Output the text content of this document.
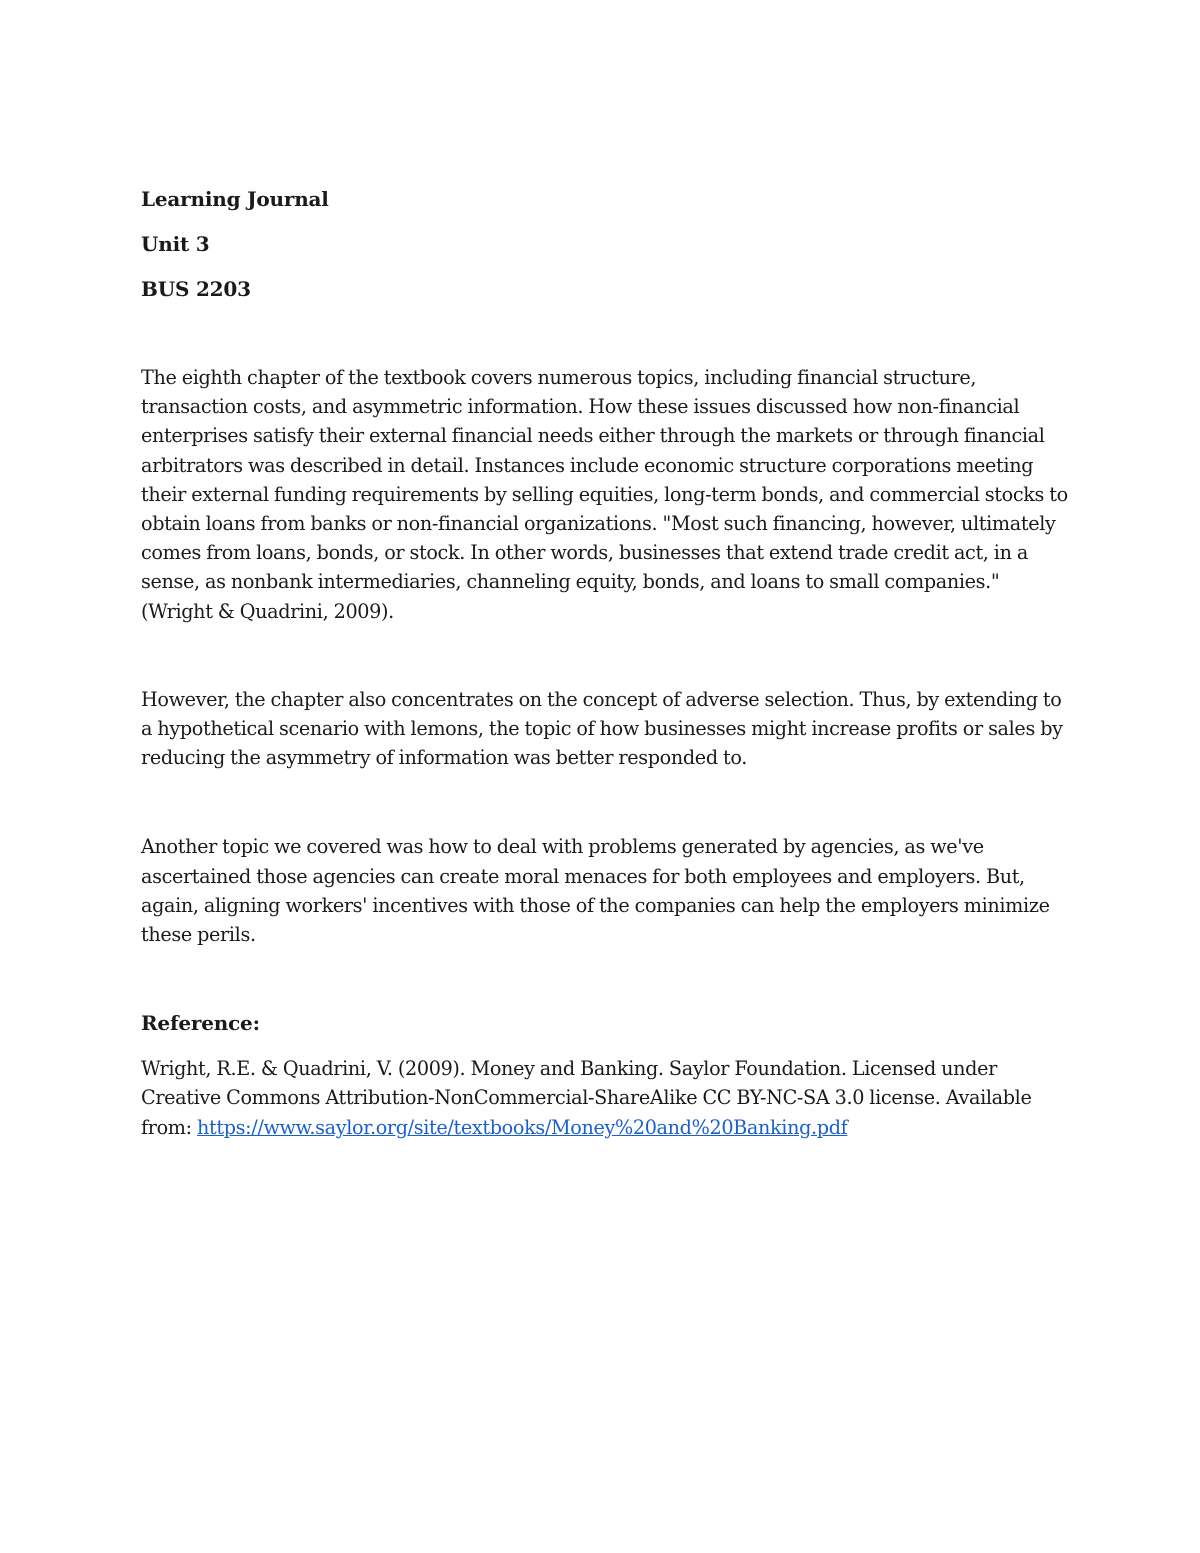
Learning Journal

Unit 3

BUS 2203

The eighth chapter of the textbook covers numerous topics, including financial structure, transaction costs, and asymmetric information. How these issues discussed how non-financial enterprises satisfy their external financial needs either through the markets or through financial arbitrators was described in detail. Instances include economic structure corporations meeting their external funding requirements by selling equities, long-term bonds, and commercial stocks to obtain loans from banks or non-financial organizations. "Most such financing, however, ultimately comes from loans, bonds, or stock. In other words, businesses that extend trade credit act, in a sense, as nonbank intermediaries, channeling equity, bonds, and loans to small companies." (Wright & Quadrini, 2009).

However, the chapter also concentrates on the concept of adverse selection. Thus, by extending to a hypothetical scenario with lemons, the topic of how businesses might increase profits or sales by reducing the asymmetry of information was better responded to.

Another topic we covered was how to deal with problems generated by agencies, as we've ascertained those agencies can create moral menaces for both employees and employers. But, again, aligning workers' incentives with those of the companies can help the employers minimize these perils.

Reference:

Wright, R.E. & Quadrini, V. (2009). Money and Banking. Saylor Foundation. Licensed under Creative Commons Attribution-NonCommercial-ShareAlike CC BY-NC-SA 3.0 license. Available from: https://www.saylor.org/site/textbooks/Money%20and%20Banking.pdf
